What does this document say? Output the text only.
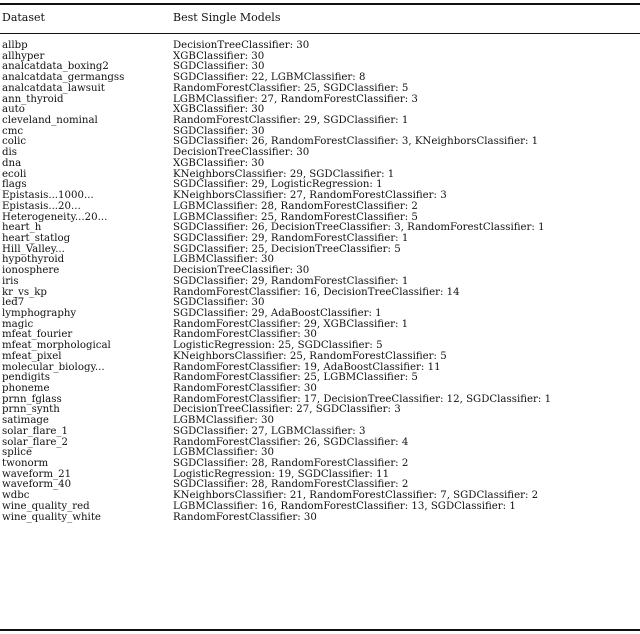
Dataset	Best Single Models
allbp	DecisionTreeClassifier: 30
allhyper	XGBClassifier: 30
analcatdata_boxing2	SGDClassifier: 30
analcatdata_germangss	SGDClassifier: 22, LGBMClassifier: 8
analcatdata_lawsuit	RandomForestClassifier: 25, SGDClassifier: 5
ann_thyroid	LGBMClassifier: 27, RandomForestClassifier: 3
auto	XGBClassifier: 30
cleveland_nominal	RandomForestClassifier: 29, SGDClassifier: 1
cmc	SGDClassifier: 30
colic	SGDClassifier: 26, RandomForestClassifier: 3, KNeighborsClassifier: 1
dis	DecisionTreeClassifier: 30
dna	XGBClassifier: 30
ecoli	KNeighborsClassifier: 29, SGDClassifier: 1
flags	SGDClassifier: 29, LogisticRegression: 1
Epistasis...1000...	KNeighborsClassifier: 27, RandomForestClassifier: 3
Epistasis...20...	LGBMClassifier: 28, RandomForestClassifier: 2
Heterogeneity...20...	LGBMClassifier: 25, RandomForestClassifier: 5
heart_h	SGDClassifier: 26, DecisionTreeClassifier: 3, RandomForestClassifier: 1
heart_statlog	SGDClassifier: 29, RandomForestClassifier: 1
Hill_Valley...	SGDClassifier: 25, DecisionTreeClassifier: 5
hypothyroid	LGBMClassifier: 30
ionosphere	DecisionTreeClassifier: 30
iris	SGDClassifier: 29, RandomForestClassifier: 1
kr_vs_kp	RandomForestClassifier: 16, DecisionTreeClassifier: 14
led7	SGDClassifier: 30
lymphography	SGDClassifier: 29, AdaBoostClassifier: 1
magic	RandomForestClassifier: 29, XGBClassifier: 1
mfeat_fourier	RandomForestClassifier: 30
mfeat_morphological	LogisticRegression: 25, SGDClassifier: 5
mfeat_pixel	KNeighborsClassifier: 25, RandomForestClassifier: 5
molecular_biology...	RandomForestClassifier: 19, AdaBoostClassifier: 11
pendigits	RandomForestClassifier: 25, LGBMClassifier: 5
phoneme	RandomForestClassifier: 30
prnn_fglass	RandomForestClassifier: 17, DecisionTreeClassifier: 12, SGDClassifier: 1
prnn_synth	DecisionTreeClassifier: 27, SGDClassifier: 3
satimage	LGBMClassifier: 30
solar_flare_1	SGDClassifier: 27, LGBMClassifier: 3
solar_flare_2	RandomForestClassifier: 26, SGDClassifier: 4
splice	LGBMClassifier: 30
twonorm	SGDClassifier: 28, RandomForestClassifier: 2
waveform_21	LogisticRegression: 19, SGDClassifier: 11
waveform_40	SGDClassifier: 28, RandomForestClassifier: 2
wdbc	KNeighborsClassifier: 21, RandomForestClassifier: 7, SGDClassifier: 2
wine_quality_red	LGBMClassifier: 16, RandomForestClassifier: 13, SGDClassifier: 1
wine_quality_white	RandomForestClassifier: 30
